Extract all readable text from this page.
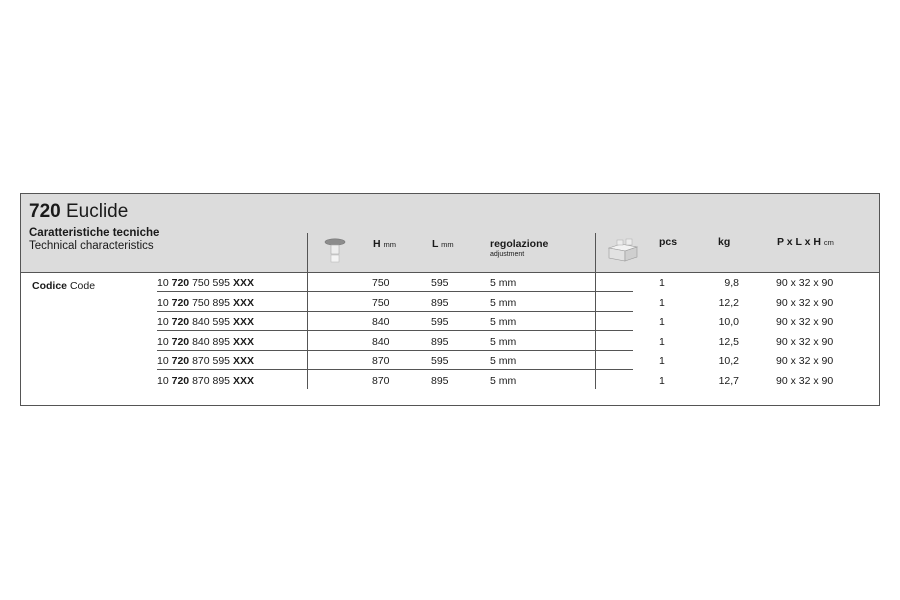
720 Euclide
Caratteristiche tecniche
Technical characteristics	H mm	L mm	regolazione
adjustment
pcs	kg	P x L x H cm
Codice Code	10 720 750 595 XXX	750	595	5 mm	1	9,8	90 x 32 x 90
10 720 750 895 XXX	750	895	5 mm	1	12,2	90 x 32 x 90
10 720 840 595 XXX	840	595	5 mm	1	10,0	90 x 32 x 90
10 720 840 895 XXX	840	895	5 mm	1	12,5	90 x 32 x 90
10 720 870 595 XXX	870	595	5 mm	1	10,2	90 x 32 x 90
10 720 870 895 XXX	870	895	5 mm	1	12,7	90 x 32 x 90
